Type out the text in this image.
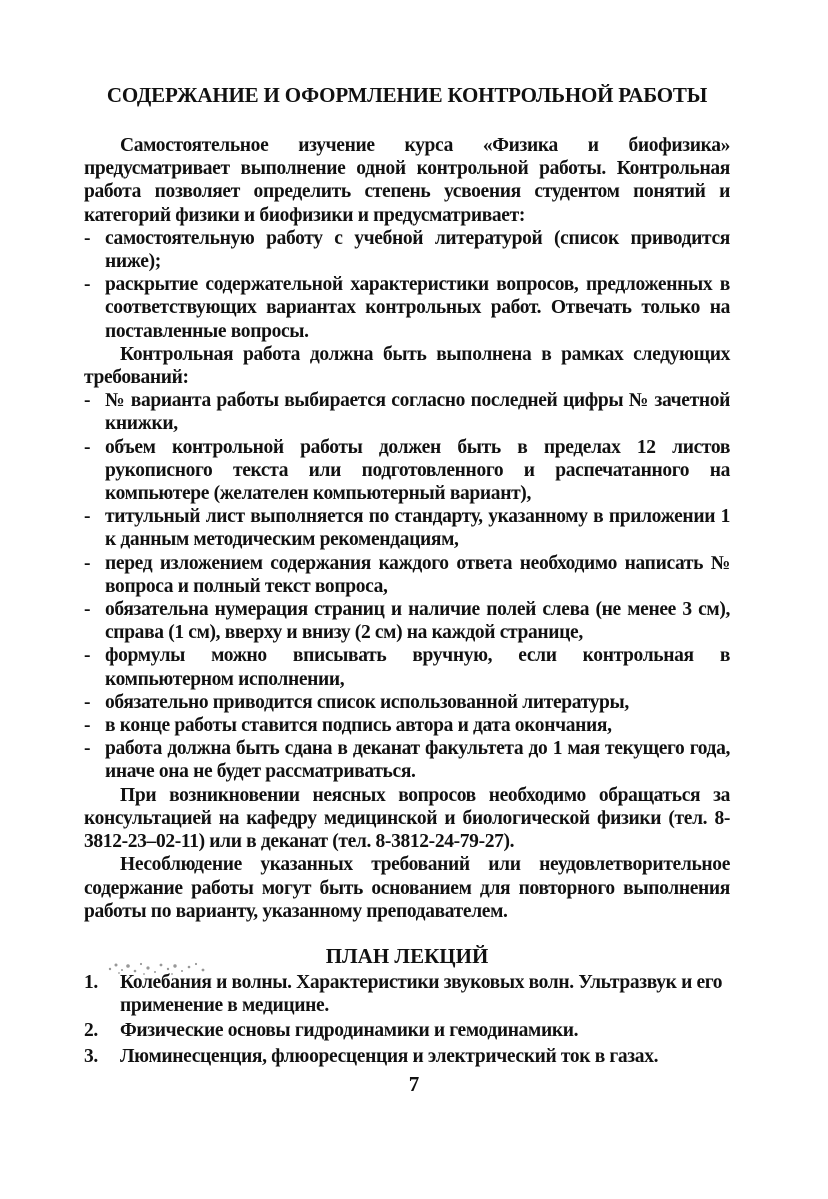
СОДЕРЖАНИЕ И ОФОРМЛЕНИЕ КОНТРОЛЬНОЙ РАБОТЫ

Самостоятельное изучение курса «Физика и биофизика» предусматривает выполнение одной контрольной работы. Контрольная работа позволяет определить степень усвоения студентом понятий и категорий физики и биофизики и предусматривает:

- самостоятельную работу с учебной литературой (список приводится ниже);
- раскрытие содержательной характеристики вопросов, предложенных в соответствующих вариантах контрольных работ. Отвечать только на поставленные вопросы.

Контрольная работа должна быть выполнена в рамках следующих требований:

- № варианта работы выбирается согласно последней цифры № зачетной книжки,
- объем контрольной работы должен быть в пределах 12 листов рукописного текста или подготовленного и распечатанного на компьютере (желателен компьютерный вариант),
- титульный лист выполняется по стандарту, указанному в приложении 1 к данным методическим рекомендациям,
- перед изложением содержания каждого ответа необходимо написать № вопроса и полный текст вопроса,
- обязательна нумерация страниц и наличие полей слева (не менее 3 см), справа (1 см), вверху и внизу (2 см) на каждой странице,
- формулы можно вписывать вручную, если контрольная в компьютерном исполнении,
- обязательно приводится список использованной литературы,
- в конце работы ставится подпись автора и дата окончания,
- работа должна быть сдана в деканат факультета до 1 мая текущего года, иначе она не будет рассматриваться.

При возникновении неясных вопросов необходимо обращаться за консультацией на кафедру медицинской и биологической физики (тел. 8-3812-23–02-11) или в деканат (тел. 8-3812-24-79-27).

Несоблюдение указанных требований или неудовлетворительное содержание работы могут быть основанием для повторного выполнения работы по варианту, указанному преподавателем.

ПЛАН ЛЕКЦИЙ
1. Колебания и волны. Характеристики звуковых волн. Ультразвук и его применение в медицине.
2. Физические основы гидродинамики и гемодинамики.
3. Люминесценция, флюоресценция и электрический ток в газах.
7
